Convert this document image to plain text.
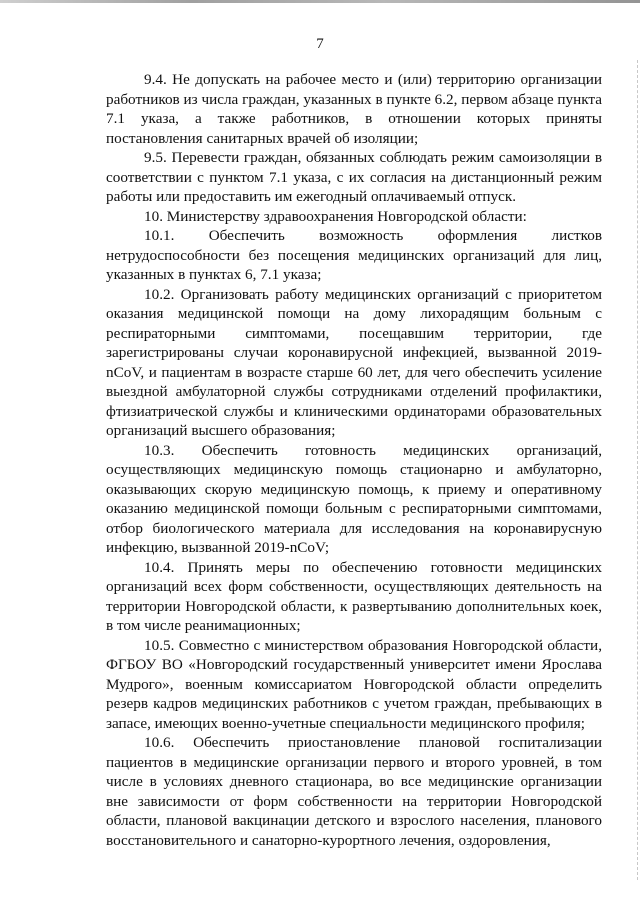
7

9.4. Не допускать на рабочее место и (или) территорию организации работников из числа граждан, указанных в пункте 6.2, первом абзаце пункта 7.1 указа, а также работников, в отношении которых приняты постановления санитарных врачей об изоляции;

9.5. Перевести граждан, обязанных соблюдать режим самоизоляции в соответствии с пунктом 7.1 указа, с их согласия на дистанционный режим работы или предоставить им ежегодный оплачиваемый отпуск.

10. Министерству здравоохранения Новгородской области:

10.1. Обеспечить возможность оформления листков нетрудоспособности без посещения медицинских организаций для лиц, указанных в пунктах 6, 7.1 указа;

10.2. Организовать работу медицинских организаций с приоритетом оказания медицинской помощи на дому лихорадящим больным с респираторными симптомами, посещавшим территории, где зарегистрированы случаи коронавирусной инфекцией, вызванной 2019-nCoV, и пациентам в возрасте старше 60 лет, для чего обеспечить усиление выездной амбулаторной службы сотрудниками отделений профилактики, фтизиатрической службы и клиническими ординаторами образовательных организаций высшего образования;

10.3. Обеспечить готовность медицинских организаций, осуществляющих медицинскую помощь стационарно и амбулаторно, оказывающих скорую медицинскую помощь, к приему и оперативному оказанию медицинской помощи больным с респираторными симптомами, отбор биологического материала для исследования на коронавирусную инфекцию, вызванной 2019-nCoV;

10.4. Принять меры по обеспечению готовности медицинских организаций всех форм собственности, осуществляющих деятельность на территории Новгородской области, к развертыванию дополнительных коек, в том числе реанимационных;

10.5. Совместно с министерством образования Новгородской области, ФГБОУ ВО «Новгородский государственный университет имени Ярослава Мудрого», военным комиссариатом Новгородской области определить резерв кадров медицинских работников с учетом граждан, пребывающих в запасе, имеющих военно-учетные специальности медицинского профиля;

10.6. Обеспечить приостановление плановой госпитализации пациентов в медицинские организации первого и второго уровней, в том числе в условиях дневного стационара, во все медицинские организации вне зависимости от форм собственности на территории Новгородской области, плановой вакцинации детского и взрослого населения, планового восстановительного и санаторно-курортного лечения, оздоровления,
